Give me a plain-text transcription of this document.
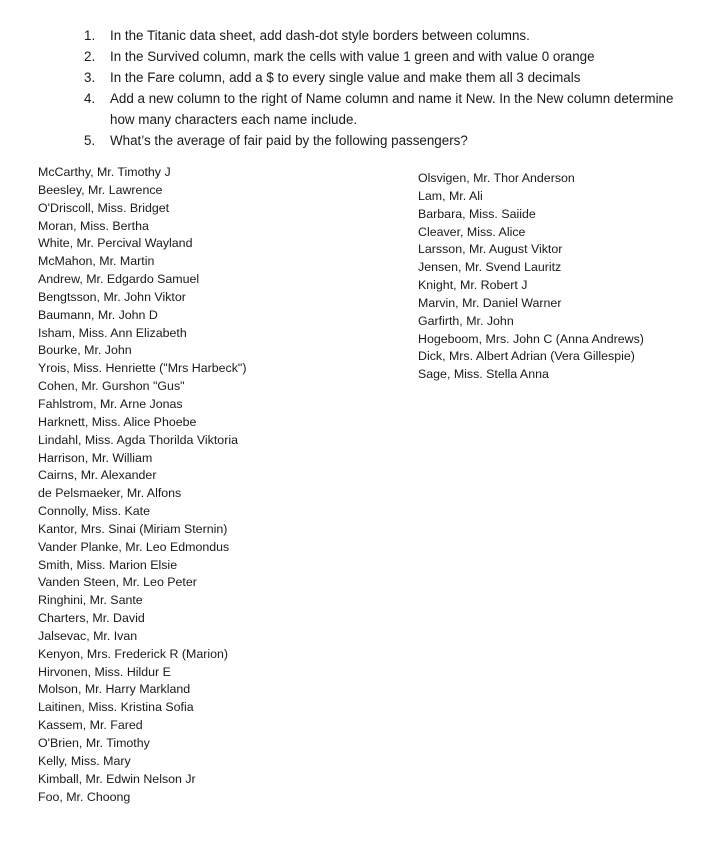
1. In the Titanic data sheet, add dash-dot style borders between columns.
2. In the Survived column, mark the cells with value 1 green and with value 0 orange
3. In the Fare column, add a $ to every single value and make them all 3 decimals
4. Add a new column to the right of Name column and name it New. In the New column determine how many characters each name include.
5. What’s the average of fair paid by the following passengers?
McCarthy, Mr. Timothy J
Beesley, Mr. Lawrence
O'Driscoll, Miss. Bridget
Moran, Miss. Bertha
White, Mr. Percival Wayland
McMahon, Mr. Martin
Andrew, Mr. Edgardo Samuel
Bengtsson, Mr. John Viktor
Baumann, Mr. John D
Isham, Miss. Ann Elizabeth
Bourke, Mr. John
Yrois, Miss. Henriette ("Mrs Harbeck")
Cohen, Mr. Gurshon "Gus"
Fahlstrom, Mr. Arne Jonas
Harknett, Miss. Alice Phoebe
Lindahl, Miss. Agda Thorilda Viktoria
Harrison, Mr. William
Cairns, Mr. Alexander
de Pelsmaeker, Mr. Alfons
Connolly, Miss. Kate
Kantor, Mrs. Sinai (Miriam Sternin)
Vander Planke, Mr. Leo Edmondus
Smith, Miss. Marion Elsie
Vanden Steen, Mr. Leo Peter
Ringhini, Mr. Sante
Charters, Mr. David
Jalsevac, Mr. Ivan
Kenyon, Mrs. Frederick R (Marion)
Hirvonen, Miss. Hildur E
Molson, Mr. Harry Markland
Laitinen, Miss. Kristina Sofia
Kassem, Mr. Fared
O'Brien, Mr. Timothy
Kelly, Miss. Mary
Kimball, Mr. Edwin Nelson Jr
Foo, Mr. Choong
Olsvigen, Mr. Thor Anderson
Lam, Mr. Ali
Barbara, Miss. Saiide
Cleaver, Miss. Alice
Larsson, Mr. August Viktor
Jensen, Mr. Svend Lauritz
Knight, Mr. Robert J
Marvin, Mr. Daniel Warner
Garfirth, Mr. John
Hogeboom, Mrs. John C (Anna Andrews)
Dick, Mrs. Albert Adrian (Vera Gillespie)
Sage, Miss. Stella Anna
